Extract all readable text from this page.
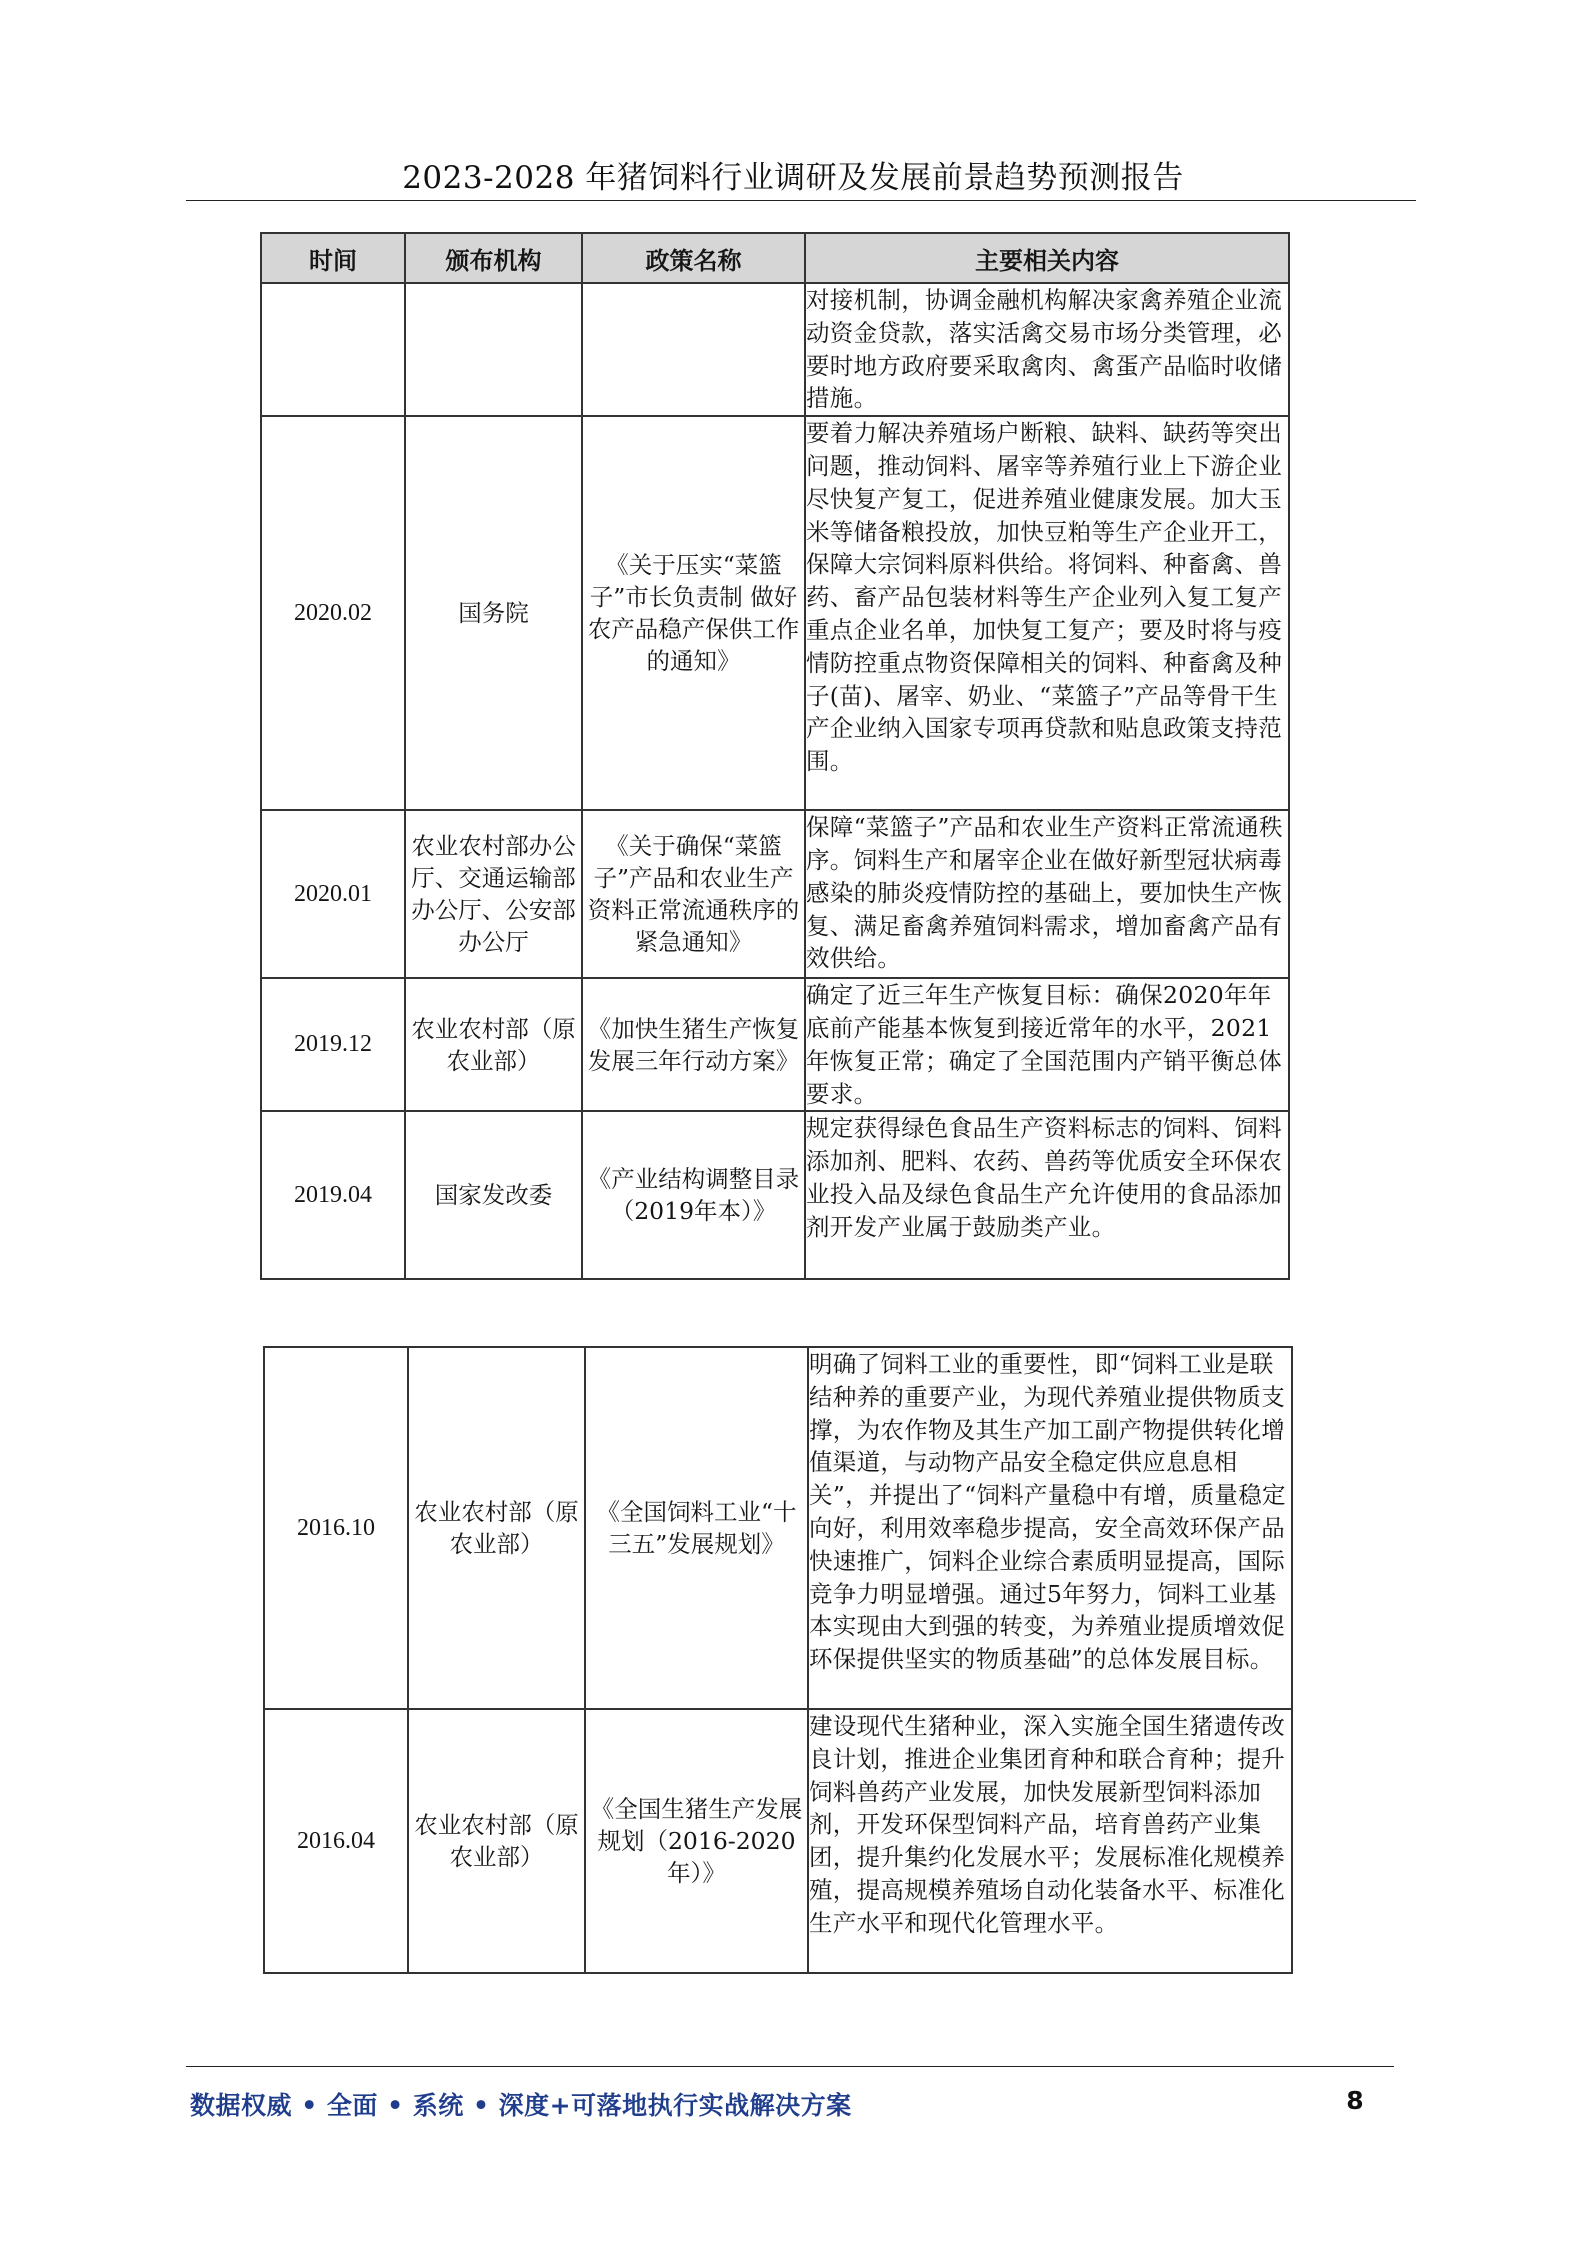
2023-2028 年猪饲料行业调研及发展前景趋势预测报告
时间	颁布机构	政策名称	主要相关内容
			对接机制，协调金融机构解决家禽养殖企业流动资金贷款，落实活禽交易市场分类管理，必要时地方政府要采取禽肉、禽蛋产品临时收储措施。
2020.02	国务院	《关于压实“菜篮子”市长负责制 做好农产品稳产保供工作的通知》	要着力解决养殖场户断粮、缺料、缺药等突出问题，推动饲料、屠宰等养殖行业上下游企业尽快复产复工，促进养殖业健康发展。加大玉米等储备粮投放，加快豆粕等生产企业开工，保障大宗饲料原料供给。将饲料、种畜禽、兽药、畜产品包装材料等生产企业列入复工复产重点企业名单，加快复工复产；要及时将与疫情防控重点物资保障相关的饲料、种畜禽及种子(苗)、屠宰、奶业、“菜篮子”产品等骨干生产企业纳入国家专项再贷款和贴息政策支持范围。
2020.01	农业农村部办公厅、交通运输部办公厅、公安部办公厅	《关于确保“菜篮子”产品和农业生产资料正常流通秩序的紧急通知》	保障“菜篮子”产品和农业生产资料正常流通秩序。饲料生产和屠宰企业在做好新型冠状病毒感染的肺炎疫情防控的基础上，要加快生产恢复、满足畜禽养殖饲料需求，增加畜禽产品有效供给。
2019.12	农业农村部（原农业部）	《加快生猪生产恢复发展三年行动方案》	确定了近三年生产恢复目标：确保2020年年底前产能基本恢复到接近常年的水平，2021年恢复正常；确定了全国范围内产销平衡总体要求。
2019.04	国家发改委	《产业结构调整目录（2019年本）》	规定获得绿色食品生产资料标志的饲料、饲料添加剂、肥料、农药、兽药等优质安全环保农业投入品及绿色食品生产允许使用的食品添加剂开发产业属于鼓励类产业。
2016.10	农业农村部（原农业部）	《全国饲料工业“十三五”发展规划》	明确了饲料工业的重要性，即“饲料工业是联结种养的重要产业，为现代养殖业提供物质支撑，为农作物及其生产加工副产物提供转化增值渠道，与动物产品安全稳定供应息息相关”，并提出了“饲料产量稳中有增，质量稳定向好，利用效率稳步提高，安全高效环保产品快速推广，饲料企业综合素质明显提高，国际竞争力明显增强。通过5年努力，饲料工业基本实现由大到强的转变，为养殖业提质增效促环保提供坚实的物质基础”的总体发展目标。
2016.04	农业农村部（原农业部）	《全国生猪生产发展规划（2016-2020年）》	建设现代生猪种业，深入实施全国生猪遗传改良计划，推进企业集团育种和联合育种；提升饲料兽药产业发展，加快发展新型饲料添加剂，开发环保型饲料产品，培育兽药产业集团，提升集约化发展水平；发展标准化规模养殖，提高规模养殖场自动化装备水平、标准化生产水平和现代化管理水平。
数据权威 • 全面 • 系统 • 深度+可落地执行实战解决方案	8
